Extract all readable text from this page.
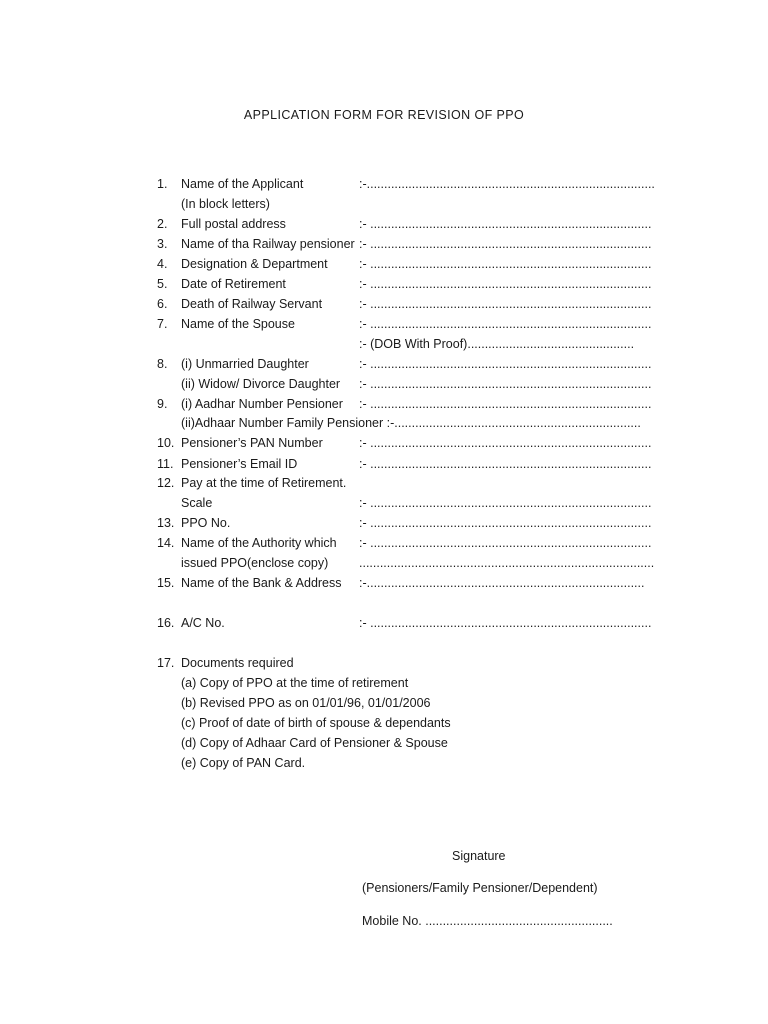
APPLICATION FORM FOR REVISION OF PPO
1. Name of the Applicant	:-...................................................................................
(In block letters)
2. Full postal address	:- .................................................................................
3. Name of tha Railway pensioner :- .................................................................................
4. Designation & Department	:- .................................................................................
5. Date of Retirement	:- .................................................................................
6. Death of Railway Servant	:- .................................................................................
7. Name of the Spouse	:- .................................................................................
:- (DOB With Proof)................................................
8. (i) Unmarried Daughter	:- .................................................................................
(ii) Widow/ Divorce Daughter :- .................................................................................
9. (i) Aadhar Number Pensioner :- .................................................................................
(ii)Adhaar Number Family Pensioner :-.......................................................................
10. Pensioner’s PAN Number	:- .................................................................................
11. Pensioner’s Email ID	:- .................................................................................
12. Pay at the time of Retirement.
Scale	:- .................................................................................
13. PPO No.	:- .................................................................................
14. Name of the Authority which :- .................................................................................
issued PPO(enclose copy) .....................................................................................
15. Name of the Bank & Address :-................................................................................
16. A/C No.	:- .................................................................................
17. Documents required
(a) Copy of PPO at the time of retirement
(b) Revised PPO as on 01/01/96, 01/01/2006
(c) Proof of date of birth of spouse & dependants
(d) Copy of Adhaar Card of Pensioner & Spouse
(e) Copy of PAN Card.
Signature
(Pensioners/Family Pensioner/Dependent)
Mobile No. ......................................................
